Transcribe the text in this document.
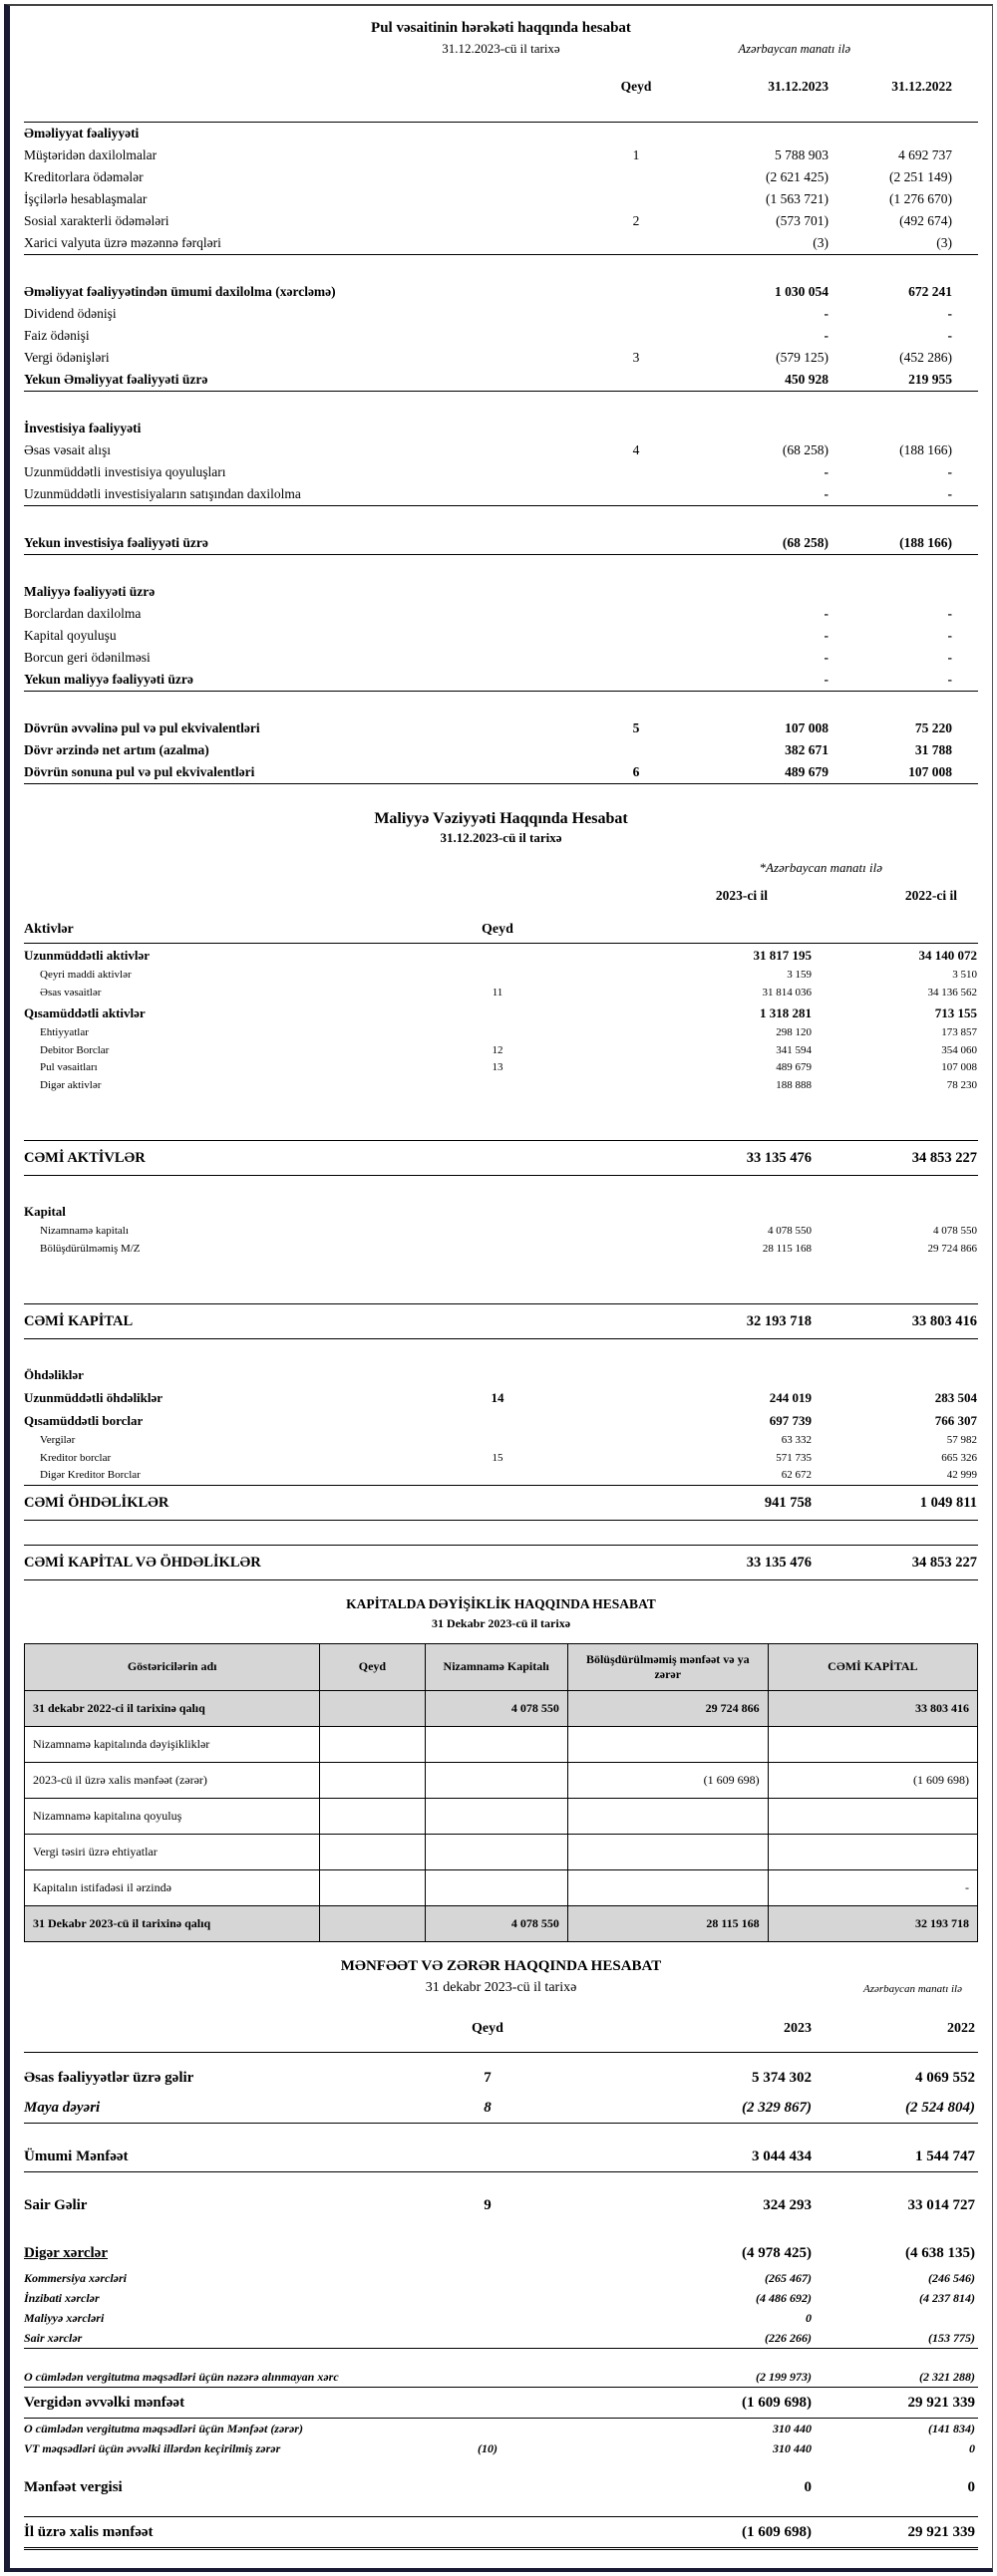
Pul vəsaitinin hərəkəti haqqında hesabat
31.12.2023-cü il tarixə	Azərbaycan manatı ilə
Qeyd	31.12.2023	31.12.2022
Əməliyyat fəaliyyəti
Müştəridən daxilolmalar	1	5 788 903	4 692 737
Kreditorlara ödəmələr	(2 621 425)	(2 251 149)
İşçilərlə hesablaşmalar	(1 563 721)	(1 276 670)
Sosial xarakterli ödəmələri	2	(573 701)	(492 674)
Xarici valyuta üzrə məzənnə fərqləri	(3)	(3)
Əməliyyat fəaliyyətindən ümumi daxilolma (xərcləmə)	1 030 054	672 241
Dividend ödənişi	-	-
Faiz ödənişi	-	-
Vergi ödənişləri	3	(579 125)	(452 286)
Yekun Əməliyyat fəaliyyəti üzrə	450 928	219 955
İnvestisiya fəaliyyəti
Əsas vəsait alışı	4	(68 258)	(188 166)
Uzunmüddətli investisiya qoyuluşları	-	-
Uzunmüddətli investisiyaların satışından daxilolma	-	-
Yekun investisiya fəaliyyəti üzrə	(68 258)	(188 166)
Maliyyə fəaliyyəti üzrə
Borclardan daxilolma	-	-
Kapital qoyuluşu	-	-
Borcun geri ödənilməsi	-	-
Yekun maliyyə fəaliyyəti üzrə	-	-
Dövrün əvvəlinə pul və pul ekvivalentləri	5	107 008	75 220
Dövr ərzində net artım (azalma)	382 671	31 788
Dövrün sonuna pul və pul ekvivalentləri	6	489 679	107 008
Maliyyə Vəziyyəti Haqqında Hesabat
31.12.2023-cü il tarixə
*Azərbaycan manatı ilə
2023-ci il	2022-ci il
Aktivlər	Qeyd
Uzunmüddətli aktivlər	31 817 195	34 140 072
Qeyri maddi aktivlər	3 159	3 510
Əsas vəsaitlər	11	31 814 036	34 136 562
Qısamüddətli aktivlər	1 318 281	713 155
Ehtiyyatlar	298 120	173 857
Debitor Borclar	12	341 594	354 060
Pul vəsaitları	13	489 679	107 008
Digər aktivlər	188 888	78 230
CƏMİ AKTİVLƏR	33 135 476	34 853 227
Kapital
Nizamnamə kapitalı	4 078 550	4 078 550
Bölüşdürülməmiş M/Z	28 115 168	29 724 866
CƏMİ KAPİTAL	32 193 718	33 803 416
Öhdəliklər
Uzunmüddətli öhdəliklər	14	244 019	283 504
Qısamüddətli borclar	697 739	766 307
Vergilər	63 332	57 982
Kreditor borclar	15	571 735	665 326
Digər Kreditor Borclar	62 672	42 999
CƏMİ ÖHDƏLİKLƏR	941 758	1 049 811
CƏMİ KAPİTAL VƏ ÖHDƏLİKLƏR	33 135 476	34 853 227
KAPİTALDA DƏYİŞİKLİK HAQQINDA HESABAT
31 Dekabr 2023-cü il tarixə
Göstəricilərin adı	Qeyd	Nizamnamə Kapitalı	Bölüşdürülməmiş mənfəət və ya zərər	CƏMİ KAPİTAL
31 dekabr 2022-ci il tarixinə qalıq		4 078 550	29 724 866	33 803 416
Nizamnamə kapitalında dəyişikliklər				
2023-cü il üzrə xalis mənfəət (zərər)			(1 609 698)	(1 609 698)
Nizamnamə kapitalına qoyuluş				
Vergi təsiri üzrə ehtiyatlar				
Kapitalın istifadəsi il ərzində				-
31 Dekabr 2023-cü il tarixinə qalıq		4 078 550	28 115 168	32 193 718
MƏNFƏƏT VƏ ZƏRƏR HAQQINDA HESABAT
31 dekabr 2023-cü il tarixə	Azərbaycan manatı ilə
Qeyd	2023	2022
Əsas fəaliyyətlər üzrə gəlir	7	5 374 302	4 069 552
Maya dəyəri	8	(2 329 867)	(2 524 804)
Ümumi Mənfəət	3 044 434	1 544 747
Sair Gəlir	9	324 293	33 014 727
Digər xərclər	(4 978 425)	(4 638 135)
Kommersiya xərcləri	(265 467)	(246 546)
İnzibati xərclər	(4 486 692)	(4 237 814)
Maliyyə xərcləri	0
Sair xərclər	(226 266)	(153 775)
O cümlədən vergitutma məqsədləri üçün nəzərə alınmayan xərc	(2 199 973)	(2 321 288)
Vergidən əvvəlki mənfəət	(1 609 698)	29 921 339
O cümlədən vergitutma məqsədləri üçün Mənfəət (zərər)	310 440	(141 834)
VT məqsədləri üçün əvvəlki illərdən keçirilmiş zərər	(10)	310 440	0
Mənfəət vergisi	0	0
İl üzrə xalis mənfəət	(1 609 698)	29 921 339
